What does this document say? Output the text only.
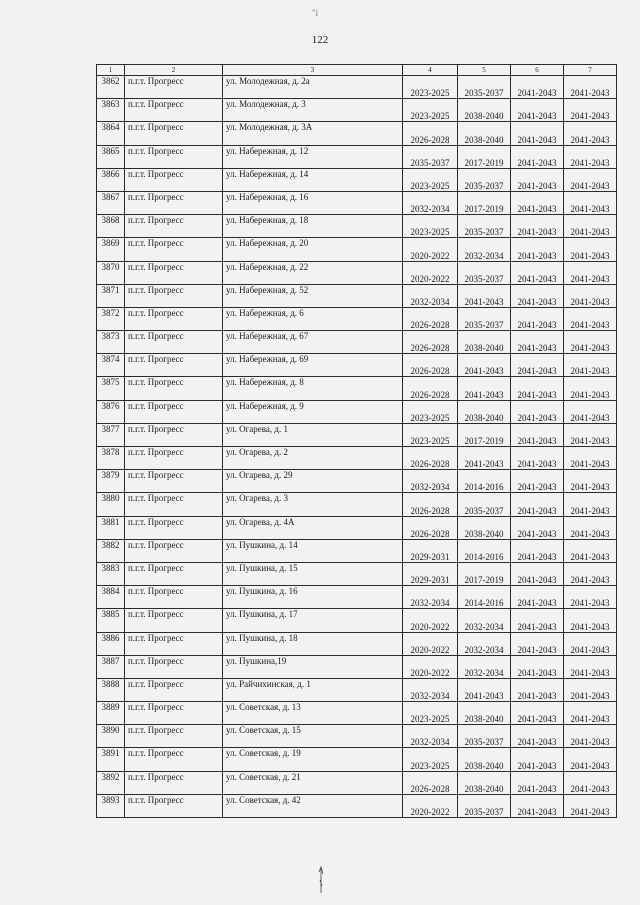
"i
122
1	2	3	4	5	6	7
3862	п.г.т. Прогресс	ул. Молодежная, д. 2а	2023-2025	2035-2037	2041-2043	2041-2043
3863	п.г.т. Прогресс	ул. Молодежная, д. 3	2023-2025	2038-2040	2041-2043	2041-2043
3864	п.г.т. Прогресс	ул. Молодежная, д. 3А	2026-2028	2038-2040	2041-2043	2041-2043
3865	п.г.т. Прогресс	ул. Набережная, д. 12	2035-2037	2017-2019	2041-2043	2041-2043
3866	п.г.т. Прогресс	ул. Набережная, д. 14	2023-2025	2035-2037	2041-2043	2041-2043
3867	п.г.т. Прогресс	ул. Набережная, д. 16	2032-2034	2017-2019	2041-2043	2041-2043
3868	п.г.т. Прогресс	ул. Набережная, д. 18	2023-2025	2035-2037	2041-2043	2041-2043
3869	п.г.т. Прогресс	ул. Набережная, д. 20	2020-2022	2032-2034	2041-2043	2041-2043
3870	п.г.т. Прогресс	ул. Набережная, д. 22	2020-2022	2035-2037	2041-2043	2041-2043
3871	п.г.т. Прогресс	ул. Набережная, д. 52	2032-2034	2041-2043	2041-2043	2041-2043
3872	п.г.т. Прогресс	ул. Набережная, д. 6	2026-2028	2035-2037	2041-2043	2041-2043
3873	п.г.т. Прогресс	ул. Набережная, д. 67	2026-2028	2038-2040	2041-2043	2041-2043
3874	п.г.т. Прогресс	ул. Набережная, д. 69	2026-2028	2041-2043	2041-2043	2041-2043
3875	п.г.т. Прогресс	ул. Набережная, д. 8	2026-2028	2041-2043	2041-2043	2041-2043
3876	п.г.т. Прогресс	ул. Набережная, д. 9	2023-2025	2038-2040	2041-2043	2041-2043
3877	п.г.т. Прогресс	ул. Огарева, д. 1	2023-2025	2017-2019	2041-2043	2041-2043
3878	п.г.т. Прогресс	ул. Огарева, д. 2	2026-2028	2041-2043	2041-2043	2041-2043
3879	п.г.т. Прогресс	ул. Огарева, д. 29	2032-2034	2014-2016	2041-2043	2041-2043
3880	п.г.т. Прогресс	ул. Огарева, д. 3	2026-2028	2035-2037	2041-2043	2041-2043
3881	п.г.т. Прогресс	ул. Огарева, д. 4А	2026-2028	2038-2040	2041-2043	2041-2043
3882	п.г.т. Прогресс	ул. Пушкина, д. 14	2029-2031	2014-2016	2041-2043	2041-2043
3883	п.г.т. Прогресс	ул. Пушкина, д. 15	2029-2031	2017-2019	2041-2043	2041-2043
3884	п.г.т. Прогресс	ул. Пушкина, д. 16	2032-2034	2014-2016	2041-2043	2041-2043
3885	п.г.т. Прогресс	ул. Пушкина, д. 17	2020-2022	2032-2034	2041-2043	2041-2043
3886	п.г.т. Прогресс	ул. Пушкина, д. 18	2020-2022	2032-2034	2041-2043	2041-2043
3887	п.г.т. Прогресс	ул. Пушкина,19	2020-2022	2032-2034	2041-2043	2041-2043
3888	п.г.т. Прогресс	ул. Райчихинская, д. 1	2032-2034	2041-2043	2041-2043	2041-2043
3889	п.г.т. Прогресс	ул. Советская, д. 13	2023-2025	2038-2040	2041-2043	2041-2043
3890	п.г.т. Прогресс	ул. Советская, д. 15	2032-2034	2035-2037	2041-2043	2041-2043
3891	п.г.т. Прогресс	ул. Советская, д. 19	2023-2025	2038-2040	2041-2043	2041-2043
3892	п.г.т. Прогресс	ул. Советская, д. 21	2026-2028	2038-2040	2041-2043	2041-2043
3893	п.г.т. Прогресс	ул. Советская, д. 42	2020-2022	2035-2037	2041-2043	2041-2043
